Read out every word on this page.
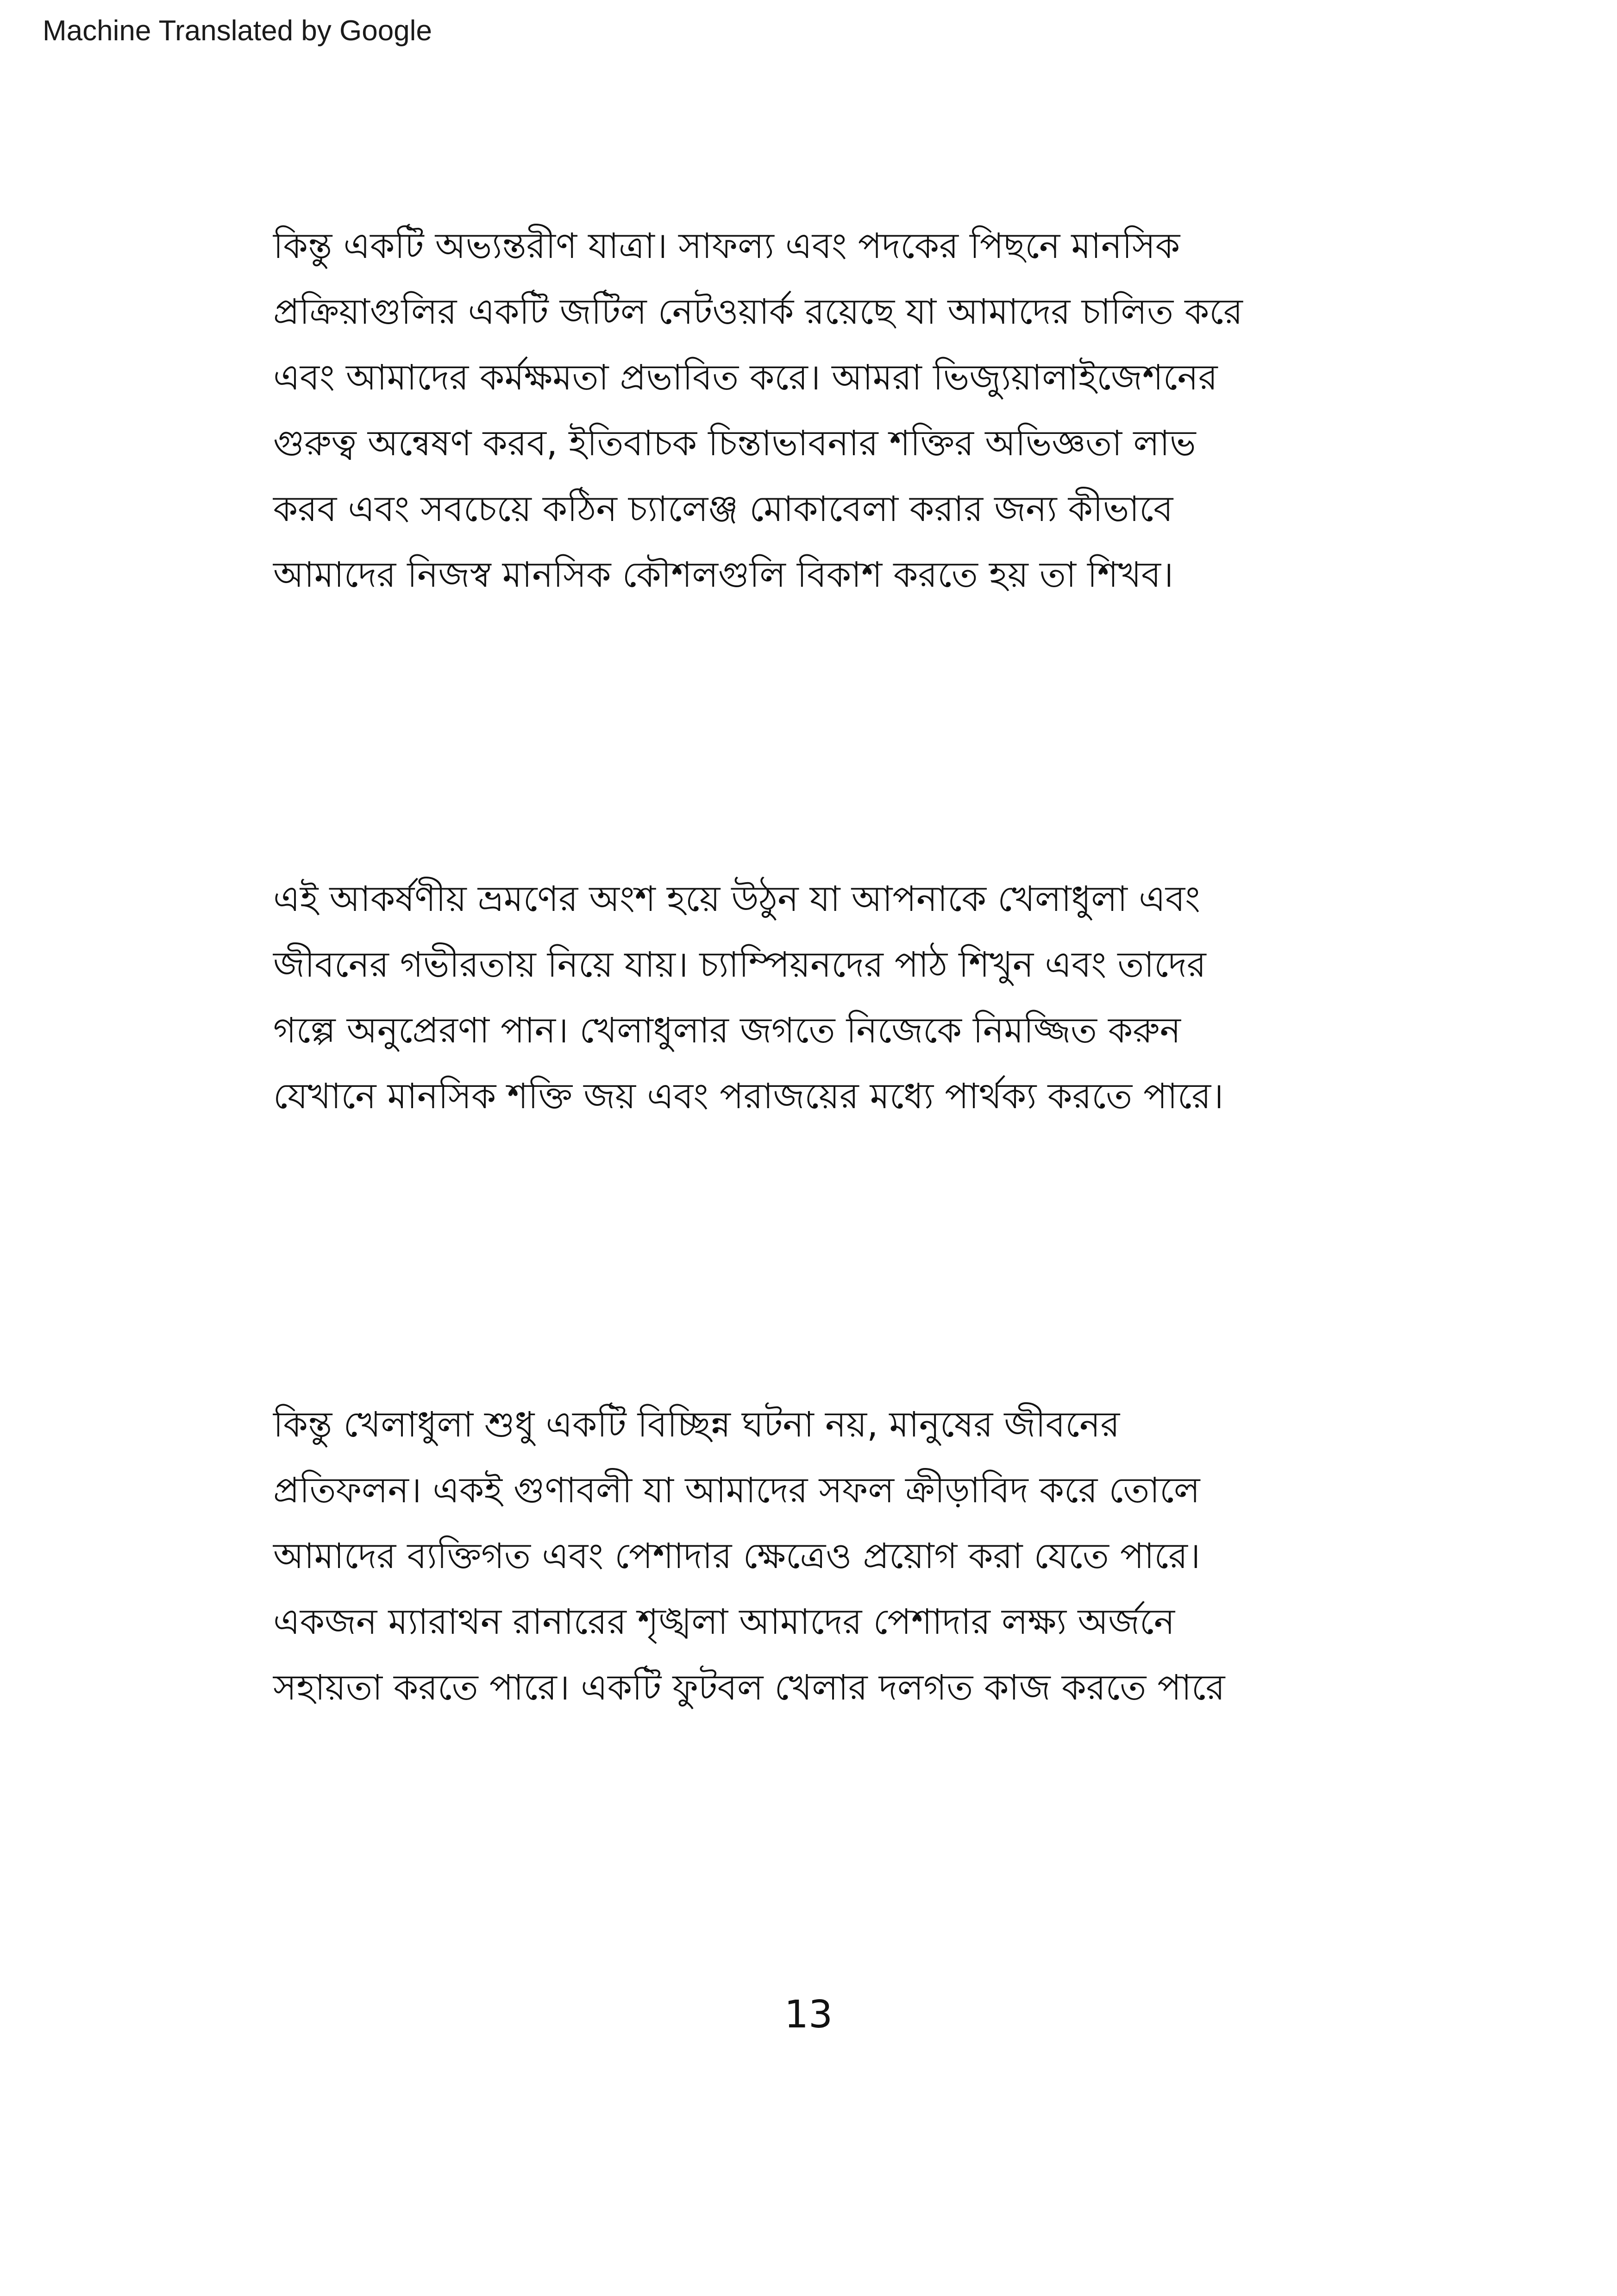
Machine Translated by Google
কিন্তু একটি অভ্যন্তরীণ যাত্রা। সাফল্য এবং পদকের পিছনে মানসিক
প্রক্রিয়াগুলির একটি জটিল নেটওয়ার্ক রয়েছে যা আমাদের চালিত করে
এবং আমাদের কর্মক্ষমতা প্রভাবিত করে। আমরা ভিজ্যুয়ালাইজেশনের
গুরুত্ব অন্বেষণ করব, ইতিবাচক চিন্তাভাবনার শক্তির অভিজ্ঞতা লাভ
করব এবং সবচেয়ে কঠিন চ্যালেঞ্জ মোকাবেলা করার জন্য কীভাবে
আমাদের নিজস্ব মানসিক কৌশলগুলি বিকাশ করতে হয় তা শিখব।
এই আকর্ষণীয় ভ্রমণের অংশ হয়ে উঠুন যা আপনাকে খেলাধুলা এবং
জীবনের গভীরতায় নিয়ে যায়। চ্যাম্পিয়নদের পাঠ শিখুন এবং তাদের
গল্পে অনুপ্রেরণা পান। খেলাধুলার জগতে নিজেকে নিমজ্জিত করুন
যেখানে মানসিক শক্তি জয় এবং পরাজয়ের মধ্যে পার্থক্য করতে পারে।
কিন্তু খেলাধুলা শুধু একটি বিচ্ছিন্ন ঘটনা নয়, মানুষের জীবনের
প্রতিফলন। একই গুণাবলী যা আমাদের সফল ক্রীড়াবিদ করে তোলে
আমাদের ব্যক্তিগত এবং পেশাদার ক্ষেত্রেও প্রয়োগ করা যেতে পারে।
একজন ম্যারাথন রানারের শৃঙ্খলা আমাদের পেশাদার লক্ষ্য অর্জনে
সহায়তা করতে পারে। একটি ফুটবল খেলার দলগত কাজ করতে পারে
13
